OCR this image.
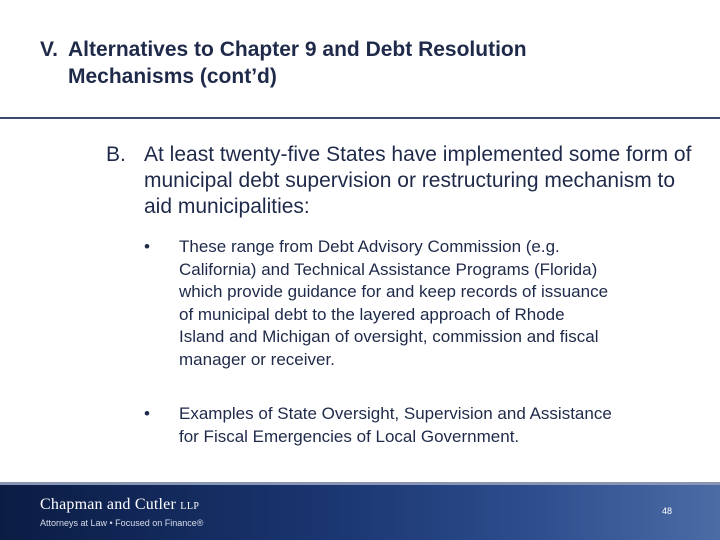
V. Alternatives to Chapter 9 and Debt Resolution
Mechanisms (cont’d)
B. At least twenty-five States have implemented some form of municipal debt supervision or restructuring mechanism to aid municipalities:
• These range from Debt Advisory Commission (e.g.
California) and Technical Assistance Programs (Florida)
which provide guidance for and keep records of issuance
of municipal debt to the layered approach of Rhode
Island and Michigan of oversight, commission and fiscal
manager or receiver.
• Examples of State Oversight, Supervision and Assistance
for Fiscal Emergencies of Local Government.
Chapman and Cutler LLP
Attorneys at Law • Focused on Finance®
48
